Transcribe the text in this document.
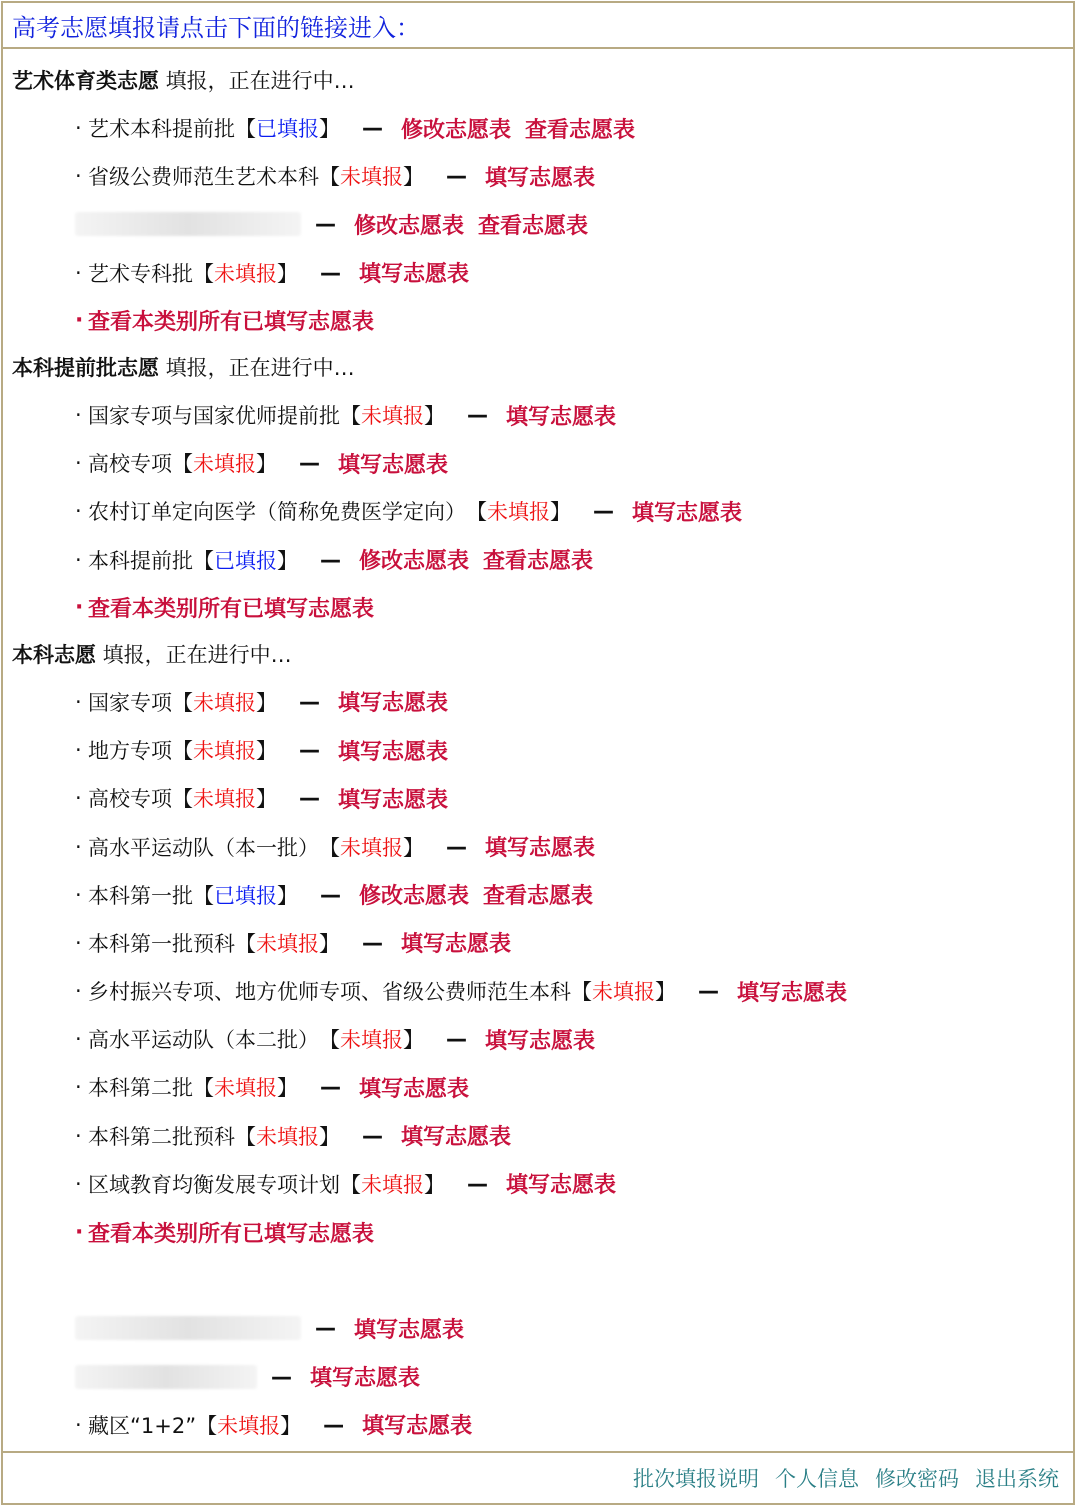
高考志愿填报请点击下面的链接进入：
艺术体育类志愿 填报，正在进行中…
· 艺术本科提前批 【 已填报 】 — 修改志愿表 查看志愿表
· 省级公费师范生艺术本科 【 未填报 】 — 填写志愿表
— 修改志愿表 查看志愿表
· 艺术专科批 【 未填报 】 — 填写志愿表
· 查看本类别所有已填写志愿表
本科提前批志愿 填报，正在进行中…
· 国家专项与国家优师提前批 【 未填报 】 — 填写志愿表
· 高校专项 【 未填报 】 — 填写志愿表
· 农村订单定向医学（简称免费医学定向） 【 未填报 】 — 填写志愿表
· 本科提前批 【 已填报 】 — 修改志愿表 查看志愿表
· 查看本类别所有已填写志愿表
本科志愿 填报，正在进行中…
· 国家专项 【 未填报 】 — 填写志愿表
· 地方专项 【 未填报 】 — 填写志愿表
· 高校专项 【 未填报 】 — 填写志愿表
· 高水平运动队（本一批） 【 未填报 】 — 填写志愿表
· 本科第一批 【 已填报 】 — 修改志愿表 查看志愿表
· 本科第一批预科 【 未填报 】 — 填写志愿表
· 乡村振兴专项、地方优师专项、省级公费师范生本科 【 未填报 】 — 填写志愿表
· 高水平运动队（本二批） 【 未填报 】 — 填写志愿表
· 本科第二批 【 未填报 】 — 填写志愿表
· 本科第二批预科 【 未填报 】 — 填写志愿表
· 区域教育均衡发展专项计划 【 未填报 】 — 填写志愿表
· 查看本类别所有已填写志愿表
— 填写志愿表
— 填写志愿表
· 藏区“1+2” 【 未填报 】 — 填写志愿表
批次填报说明 个人信息 修改密码 退出系统
